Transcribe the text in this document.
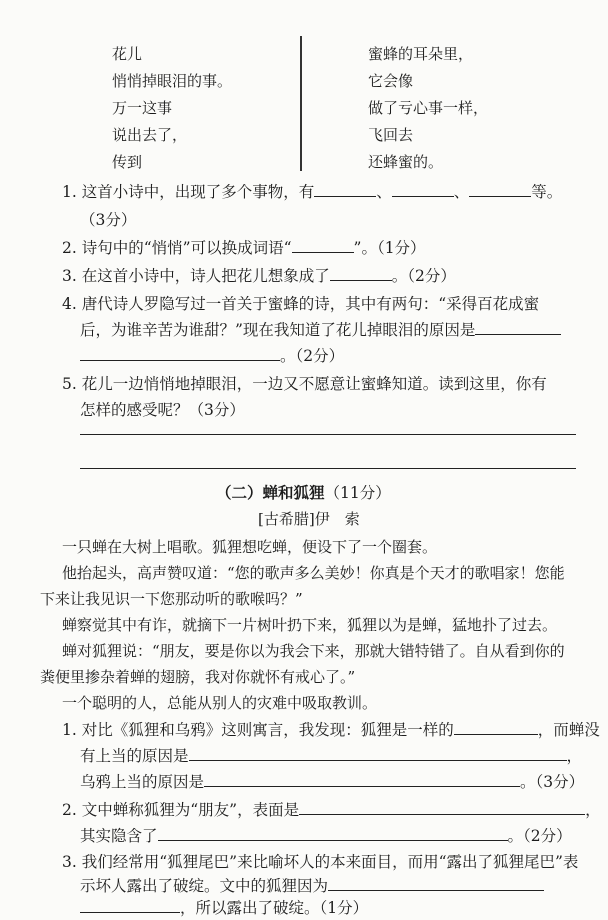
花儿
悄悄掉眼泪的事。
万一这事
说出去了，
传到
蜜蜂的耳朵里，
它会像
做了亏心事一样，
飞回去
还蜂蜜的。
1. 这首小诗中，出现了多个事物，有	、	、	等。
（3分）
2. 诗句中的“悄悄”可以换成词语“	”。（1分）
3. 在这首小诗中，诗人把花儿想象成了	。（2分）
4. 唐代诗人罗隐写过一首关于蜜蜂的诗，其中有两句：“采得百花成蜜
后，为谁辛苦为谁甜？”现在我知道了花儿掉眼泪的原因是
。（2分）
5. 花儿一边悄悄地掉眼泪，一边又不愿意让蜜蜂知道。读到这里，你有
怎样的感受呢？（3分）
（二）蝉和狐狸（11分）
[古希腊]伊　索
一只蝉在大树上唱歌。狐狸想吃蝉，便设下了一个圈套。
他抬起头，高声赞叹道：“您的歌声多么美妙！你真是个天才的歌唱家！您能
下来让我见识一下您那动听的歌喉吗？”
蝉察觉其中有诈，就摘下一片树叶扔下来，狐狸以为是蝉，猛地扑了过去。
蝉对狐狸说：“朋友，要是你以为我会下来，那就大错特错了。自从看到你的
粪便里掺杂着蝉的翅膀，我对你就怀有戒心了。”
一个聪明的人，总能从别人的灾难中吸取教训。
1. 对比《狐狸和乌鸦》这则寓言，我发现：狐狸是一样的	，而蝉没
有上当的原因是	，
乌鸦上当的原因是	。（3分）
2. 文中蝉称狐狸为“朋友”，表面是	，
其实隐含了	。（2分）
3. 我们经常用“狐狸尾巴”来比喻坏人的本来面目，而用“露出了狐狸尾巴”表
示坏人露出了破绽。文中的狐狸因为
，所以露出了破绽。（1分）
